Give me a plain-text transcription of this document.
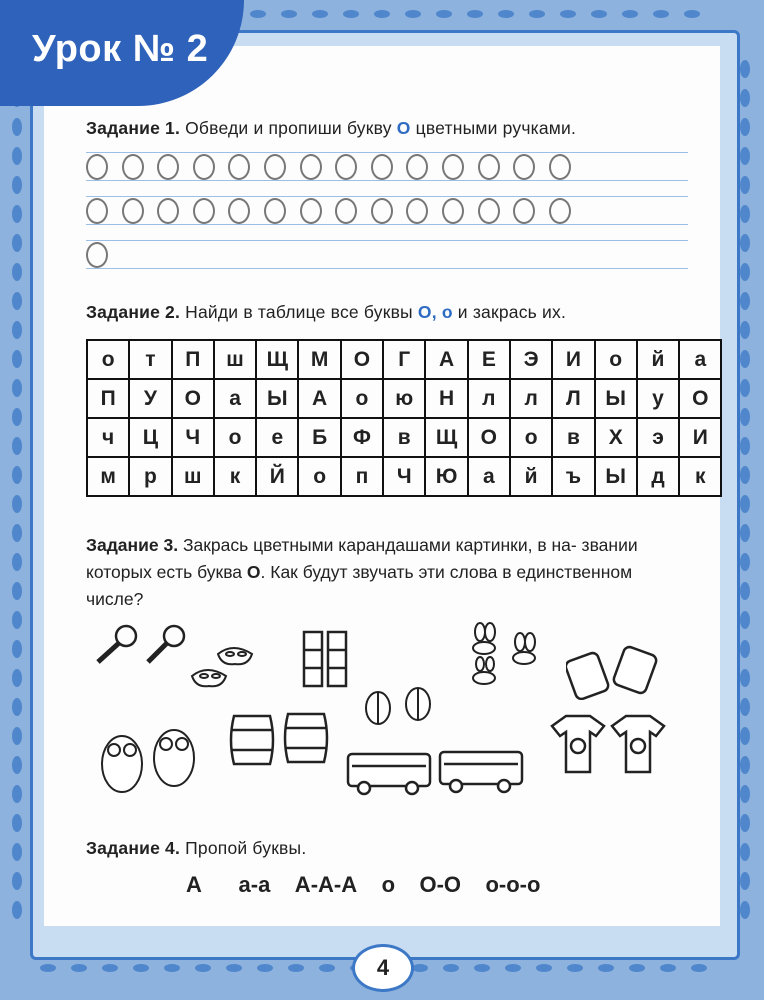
Урок № 2
Задание 1. Обведи и пропиши букву О цветными ручками.
Задание 2. Найди в таблице все буквы О, о и закрась их.
о	т	П	ш	Щ	М	О	Г	А	Е	Э	И	о	й	а
П	У	О	а	Ы	А	о	ю	Н	л	л	Л	Ы	у	О
ч	Ц	Ч	о	е	Б	Ф	в	Щ	О	о	в	Х	э	И
м	р	ш	к	Й	о	п	Ч	Ю	а	й	ъ	Ы	д	к
Задание 3. Закрась цветными карандашами картинки, в на- звании которых есть буква О. Как будут звучать эти слова в единственном числе?
Задание 4. Пропой буквы.
А      а-а    А-А-А    о    О-О    о-о-о
4
